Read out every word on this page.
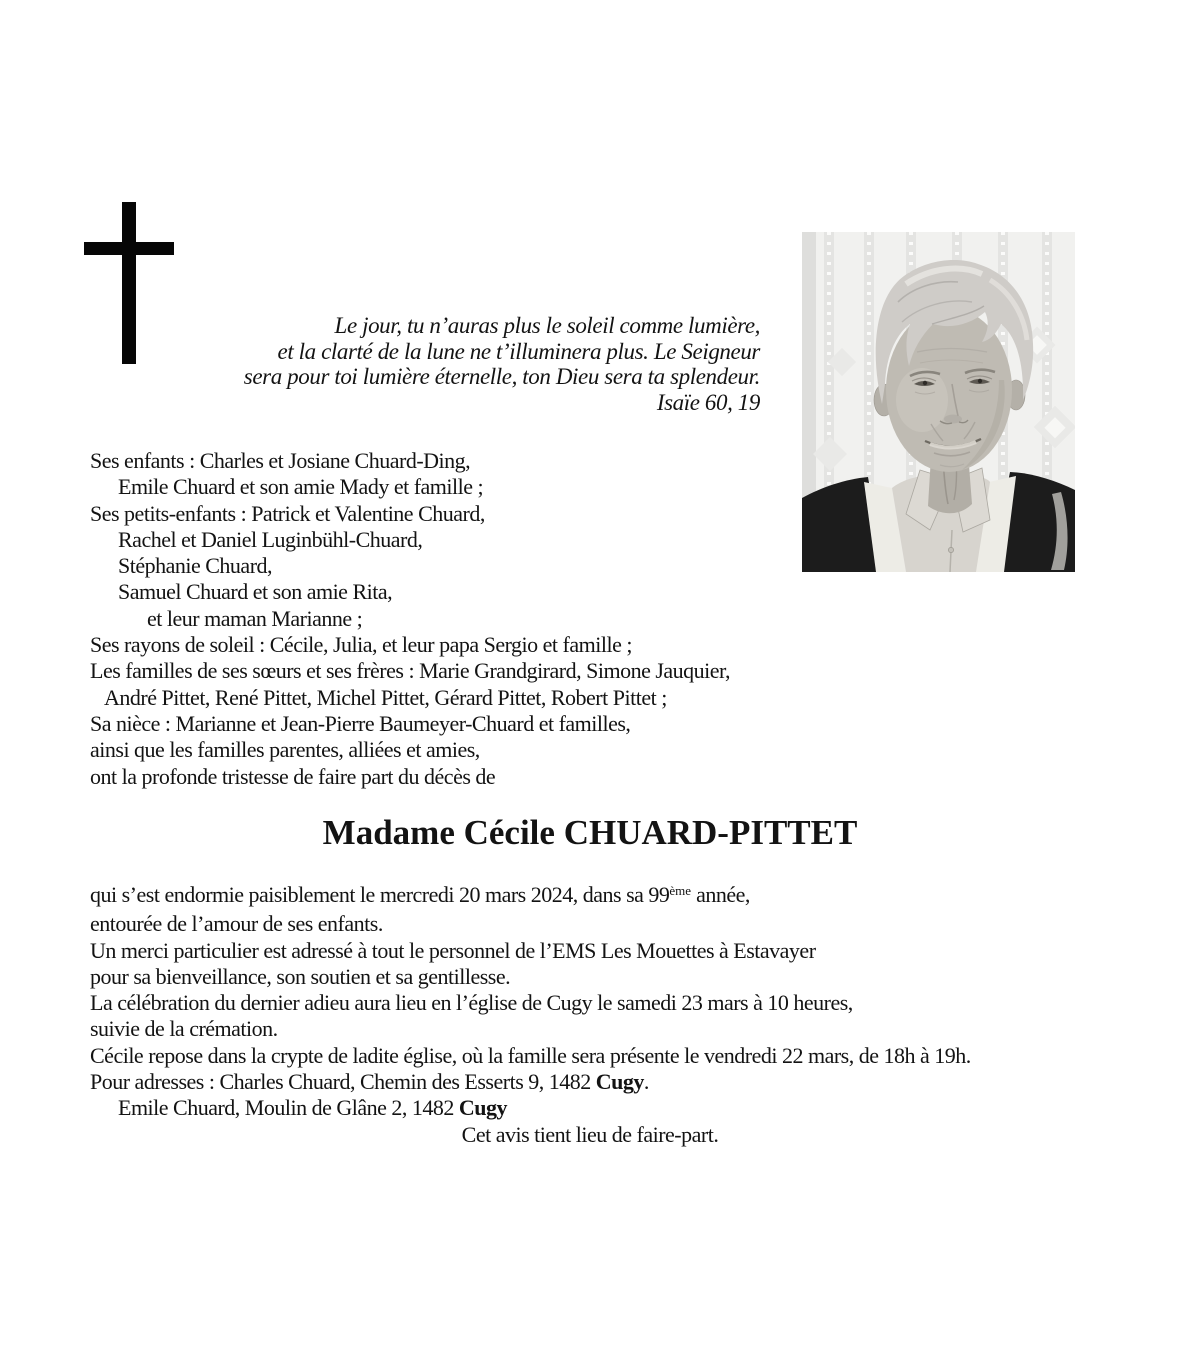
Le jour, tu n’auras plus le soleil comme lumière,
et la clarté de la lune ne t’illuminera plus. Le Seigneur
sera pour toi lumière éternelle, ton Dieu sera ta splendeur.
Isaïe 60, 19
Ses enfants : Charles et Josiane Chuard-Ding,
Emile Chuard et son amie Mady et famille ;
Ses petits-enfants : Patrick et Valentine Chuard,
Rachel et Daniel Luginbühl-Chuard,
Stéphanie Chuard,
Samuel Chuard et son amie Rita,
et leur maman Marianne ;
Ses rayons de soleil : Cécile, Julia, et leur papa Sergio et famille ;
Les familles de ses sœurs et ses frères : Marie Grandgirard, Simone Jauquier,
André Pittet, René Pittet, Michel Pittet, Gérard Pittet, Robert Pittet ;
Sa nièce : Marianne et Jean-Pierre Baumeyer-Chuard et familles,
ainsi que les familles parentes, alliées et amies,
ont la profonde tristesse de faire part du décès de
Madame Cécile CHUARD-PITTET
qui s’est endormie paisiblement le mercredi 20 mars 2024, dans sa 99ème année,
entourée de l’amour de ses enfants.
Un merci particulier est adressé à tout le personnel de l’EMS Les Mouettes à Estavayer
pour sa bienveillance, son soutien et sa gentillesse.
La célébration du dernier adieu aura lieu en l’église de Cugy le samedi 23 mars à 10 heures,
suivie de la crémation.
Cécile repose dans la crypte de ladite église, où la famille sera présente le vendredi 22 mars, de 18h à 19h.
Pour adresses : Charles Chuard, Chemin des Esserts 9, 1482 Cugy.
Emile Chuard, Moulin de Glâne 2, 1482 Cugy
Cet avis tient lieu de faire-part.
